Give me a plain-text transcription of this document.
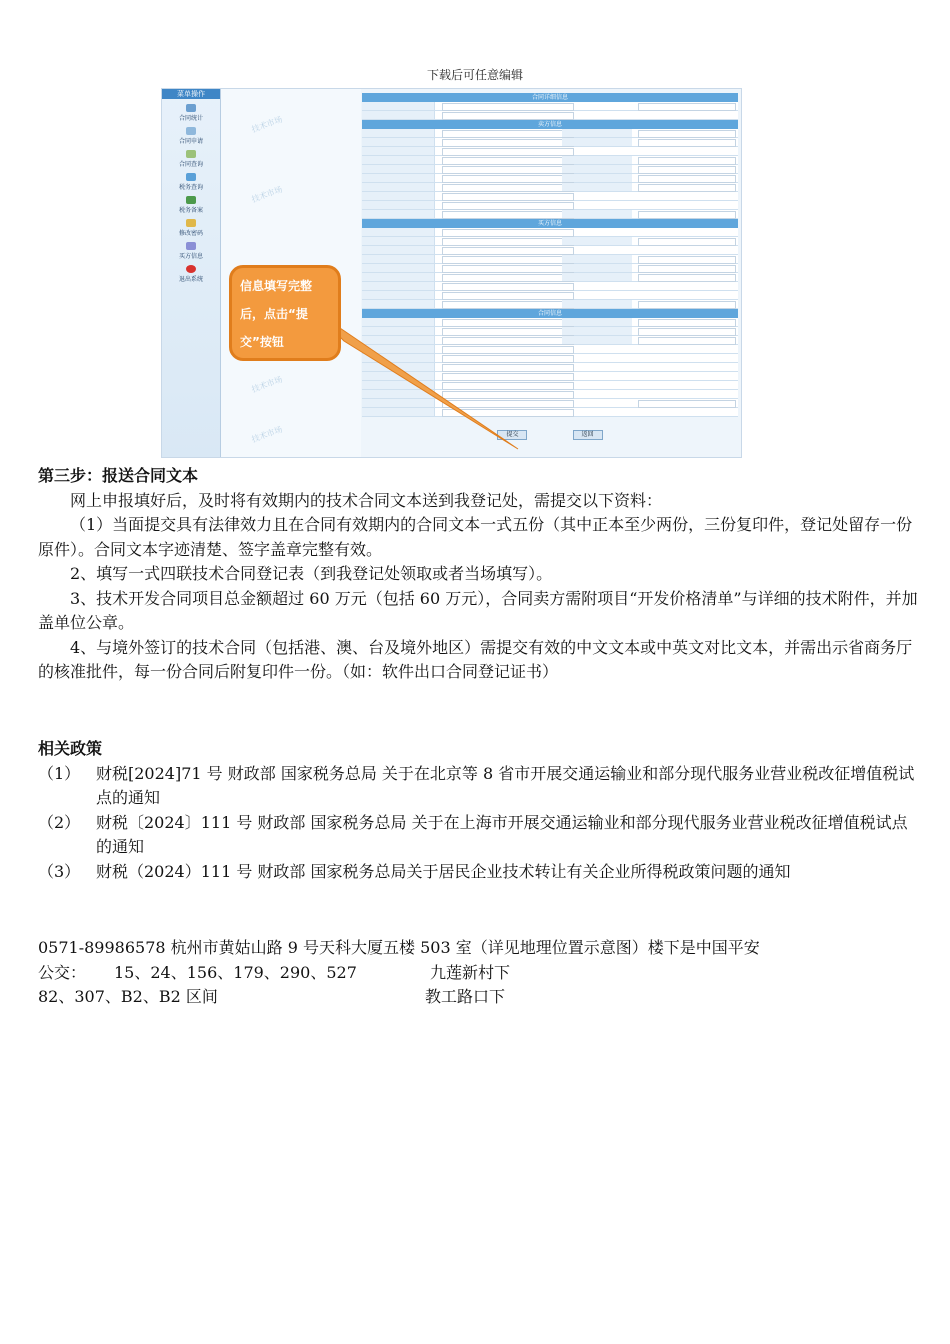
下载后可任意编辑
菜单操作
合同统计
合同申请
合同查询
税务查询
税务备案
修改密码
买方信息
退出系统
技术市场
技术市场
技术市场
技术市场
合同详细信息
卖方信息
买方信息
合同信息
提交	返回
信息填写完整后，点击“提交”按钮
第三步：报送合同文本

网上申报填好后，及时将有效期内的技术合同文本送到我登记处，需提交以下资料：

（1）当面提交具有法律效力且在合同有效期内的合同文本一式五份（其中正本至少两份，三份复印件，登记处留存一份原件）。合同文本字迹清楚、签字盖章完整有效。

2、填写一式四联技术合同登记表（到我登记处领取或者当场填写）。

3、技术开发合同项目总金额超过 60 万元（包括 60 万元），合同卖方需附项目“开发价格清单”与详细的技术附件，并加盖单位公章。

4、与境外签订的技术合同（包括港、澳、台及境外地区）需提交有效的中文文本或中英文对比文本，并需出示省商务厅的核准批件，每一份合同后附复印件一份。（如：软件出口合同登记证书）

相关政策
（1） 财税[2024]71 号 财政部 国家税务总局 关于在北京等 8 省市开展交通运输业和部分现代服务业营业税改征增值税试点的通知
（2） 财税〔2024〕111 号 财政部 国家税务总局 关于在上海市开展交通运输业和部分现代服务业营业税改征增值税试点的通知
（3） 财税（2024）111 号 财政部 国家税务总局关于居民企业技术转让有关企业所得税政策问题的通知

0571-89986578 杭州市黄姑山路 9 号天科大厦五楼 503 室（详见地理位置示意图）楼下是中国平安

公交： 15、24、156、179、290、527	九莲新村下
82、307、B2、B2 区间	教工路口下
